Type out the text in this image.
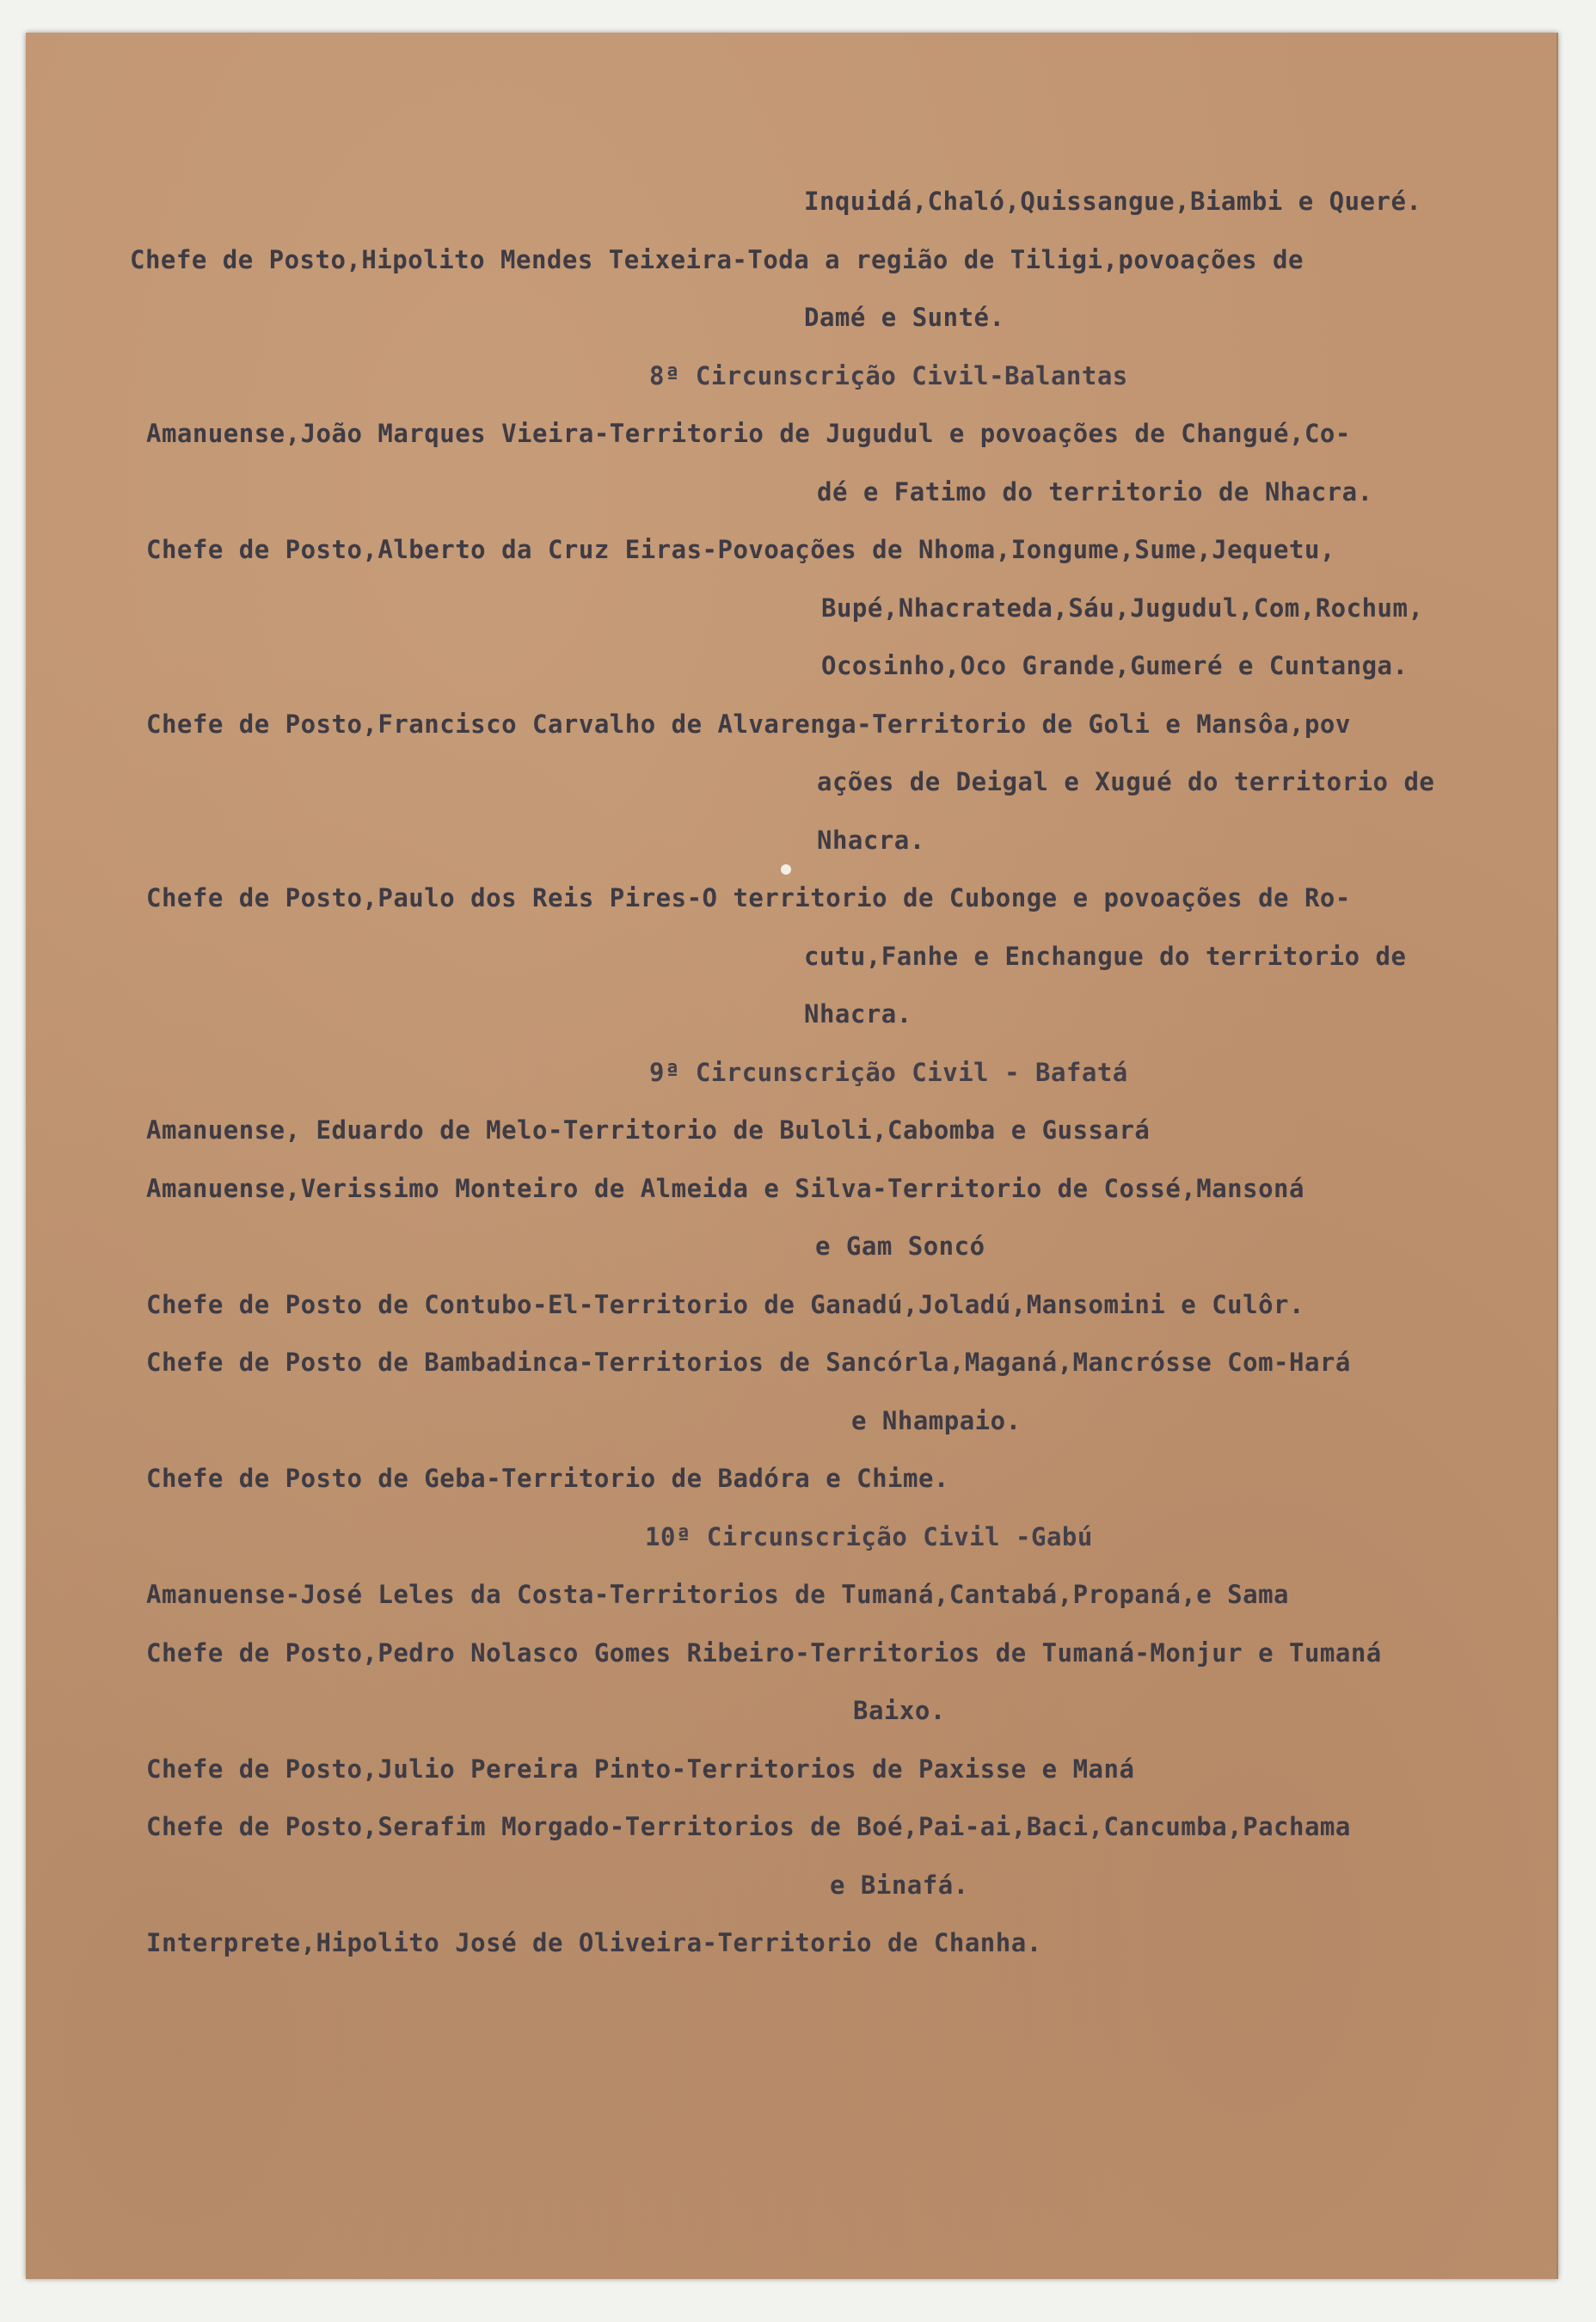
Inquidá,Chaló,Quissangue,Biambi e Queré.
Chefe de Posto,Hipolito Mendes Teixeira-Toda a região de Tiligi,povoações de
Damé e Sunté.
8ª Circunscrição Civil-Balantas
Amanuense,João Marques Vieira-Territorio de Jugudul e povoações de Changué,Co-
dé e Fatimo do territorio de Nhacra.
Chefe de Posto,Alberto da Cruz Eiras-Povoações de Nhoma,Iongume,Sume,Jequetu,
Bupé,Nhacrateda,Sáu,Jugudul,Com,Rochum,
Ocosinho,Oco Grande,Gumeré e Cuntanga.
Chefe de Posto,Francisco Carvalho de Alvarenga-Territorio de Goli e Mansôa,pov
ações de Deigal e Xugué do territorio de
Nhacra.
Chefe de Posto,Paulo dos Reis Pires-O territorio de Cubonge e povoações de Ro-
cutu,Fanhe e Enchangue do territorio de
Nhacra.
9ª Circunscrição Civil - Bafatá
Amanuense, Eduardo de Melo-Territorio de Buloli,Cabomba e Gussará
Amanuense,Verissimo Monteiro de Almeida e Silva-Territorio de Cossé,Mansoná
e Gam Soncó
Chefe de Posto de Contubo-El-Territorio de Ganadú,Joladú,Mansomini e Culôr.
Chefe de Posto de Bambadinca-Territorios de Sancórla,Maganá,Mancrósse Com-Hará
e Nhampaio.
Chefe de Posto de Geba-Territorio de Badóra e Chime.
10ª Circunscrição Civil -Gabú
Amanuense-José Leles da Costa-Territorios de Tumaná,Cantabá,Propaná,e Sama
Chefe de Posto,Pedro Nolasco Gomes Ribeiro-Territorios de Tumaná-Monjur e Tumaná
Baixo.
Chefe de Posto,Julio Pereira Pinto-Territorios de Paxisse e Maná
Chefe de Posto,Serafim Morgado-Territorios de Boé,Pai-ai,Baci,Cancumba,Pachama
e Binafá.
Interprete,Hipolito José de Oliveira-Territorio de Chanha.
